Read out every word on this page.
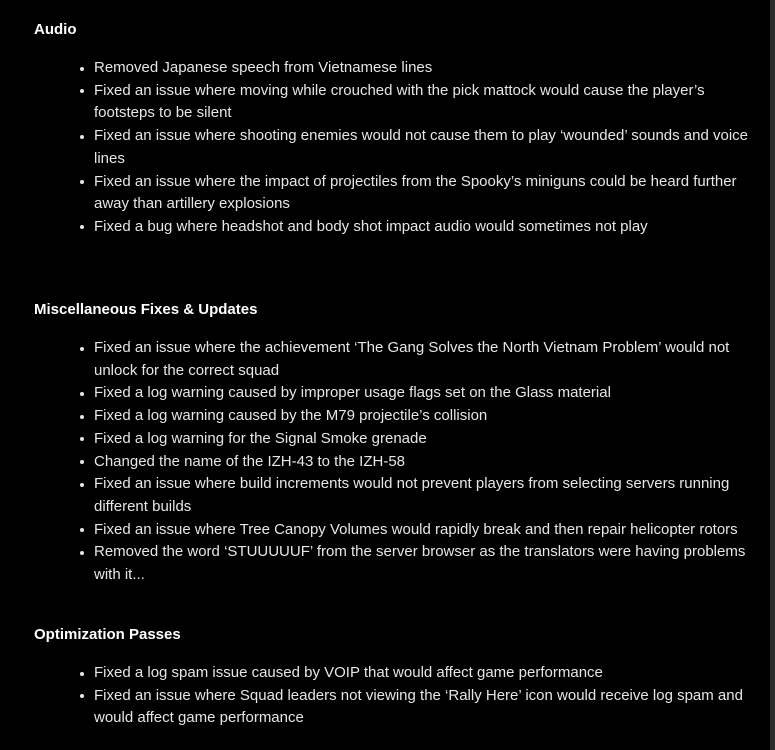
Audio
Removed Japanese speech from Vietnamese lines
Fixed an issue where moving while crouched with the pick mattock would cause the player’s footsteps to be silent
Fixed an issue where shooting enemies would not cause them to play ‘wounded’ sounds and voice lines
Fixed an issue where the impact of projectiles from the Spooky’s miniguns could be heard further away than artillery explosions
Fixed a bug where headshot and body shot impact audio would sometimes not play
Miscellaneous Fixes & Updates
Fixed an issue where the achievement ‘The Gang Solves the North Vietnam Problem’ would not unlock for the correct squad
Fixed a log warning caused by improper usage flags set on the Glass material
Fixed a log warning caused by the M79 projectile’s collision
Fixed a log warning for the Signal Smoke grenade
Changed the name of the IZH-43 to the IZH-58
Fixed an issue where build increments would not prevent players from selecting servers running different builds
Fixed an issue where Tree Canopy Volumes would rapidly break and then repair helicopter rotors
Removed the word ‘STUUUUUF’ from the server browser as the translators were having problems with it...
Optimization Passes
Fixed a log spam issue caused by VOIP that would affect game performance
Fixed an issue where Squad leaders not viewing the ‘Rally Here’ icon would receive log spam and would affect game performance
